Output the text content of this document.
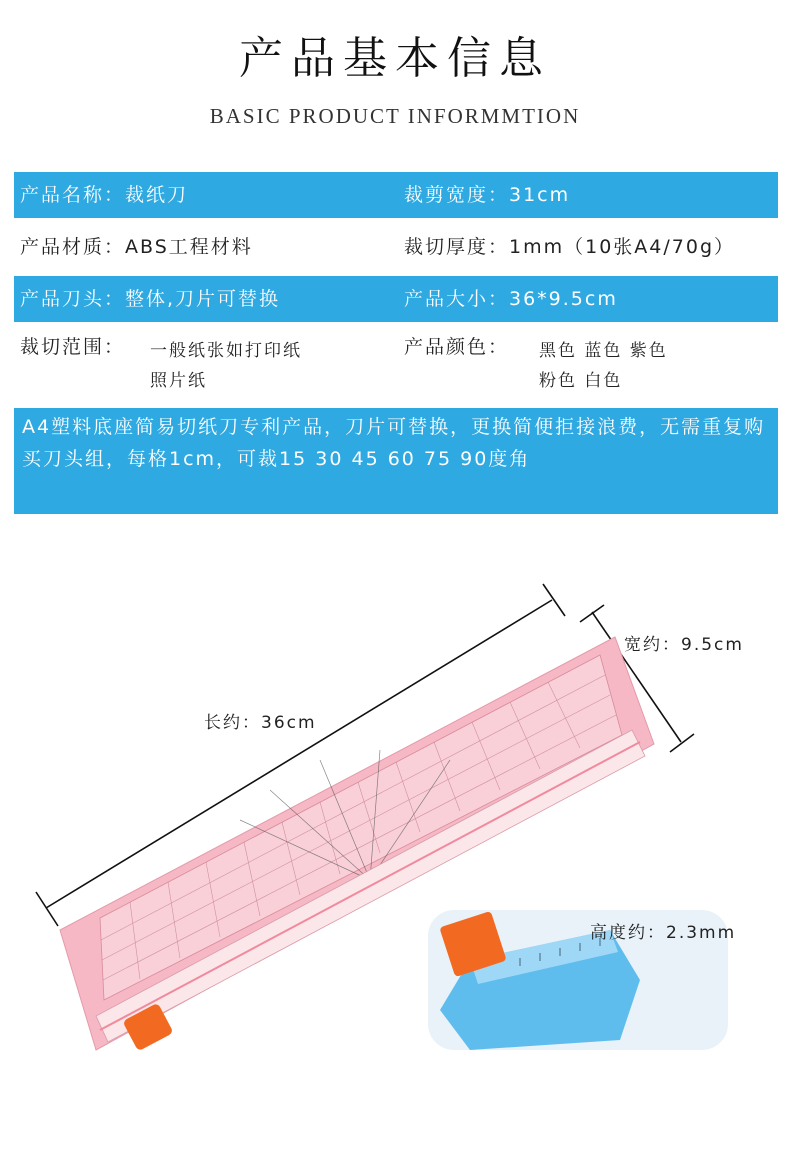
产品基本信息
BASIC PRODUCT INFORMMTION
产品名称：裁纸刀	裁剪宽度：31cm
产品材质：ABS工程材料	裁切厚度：1mm（10张A4/70g）
产品刀头：整体,刀片可替换	产品大小：36*9.5cm
裁切范围： 一般纸张如打印纸
照片纸
产品颜色： 黑色 蓝色 紫色
粉色 白色
A4塑料底座简易切纸刀专利产品，刀片可替换，更换简便拒接浪费，无需重复购买刀头组，每格1cm，可裁15 30 45 60 75 90度角
长约：36cm
宽约：9.5cm
高度约：2.3mm
